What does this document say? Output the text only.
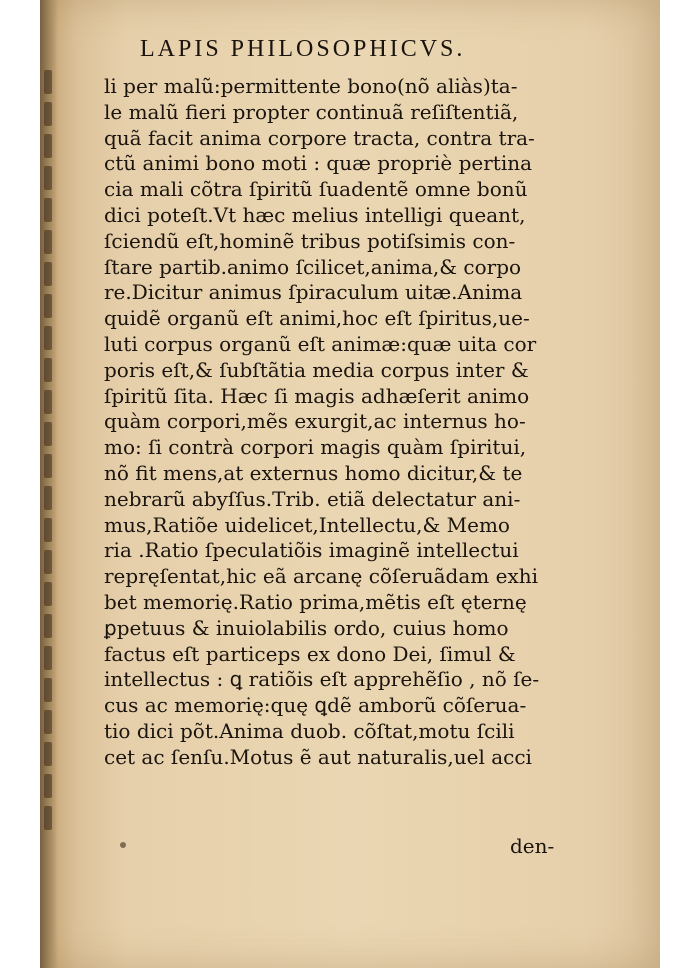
LAPIS PHILOSOPHICVS.
li per malũ:permittente bono(nõ aliàs)ta-
le malũ fieri propter continuã reſiſtentiã,
quã facit anima corpore tracta, contra tra-
ctũ animi bono moti : quæ propriè pertina
cia mali cõtra ſpiritũ ſuadentẽ omne bonũ
dici poteſt.Vt hæc melius intelligi queant,
ſciendũ eſt,hominẽ tribus potiſsimis con-
ſtare partib.animo ſcilicet,anima,& corpo
re.Dicitur animus ſpiraculum uitæ.Anima
quidẽ organũ eſt animi,hoc eſt ſpiritus,ue-
luti corpus organũ eſt animæ:quæ uita cor
poris eſt,& ſubſtãtia media corpus inter &
ſpiritũ ſita. Hæc ſi magis adhæſerit animo
quàm corpori,mẽs exurgit,ac internus ho-
mo: ſi contrà corpori magis quàm ſpiritui,
nõ fit mens,at externus homo dicitur,& te
nebrarũ abyſſus.Trib. etiã delectatur ani-
mus,Ratiõe uidelicet,Intellectu,& Memo
ria .Ratio ſpeculatiõis imaginẽ intellectui
repręſentat,hic eã arcanę cõſeruãdam exhi
bet memorię.Ratio prima,mẽtis eſt ęternę
ꝑpetuus & inuiolabilis ordo, cuius homo
factus eſt particeps ex dono Dei, ſimul &
intellectus : ꝗ ratiõis eſt apprehẽſio , nõ ſe-
cus ac memorię:quę ꝗdẽ amborũ cõſerua-
tio dici põt.Anima duob. cõſtat,motu ſcili
cet ac ſenſu.Motus ẽ aut naturalis,uel acci
den-
